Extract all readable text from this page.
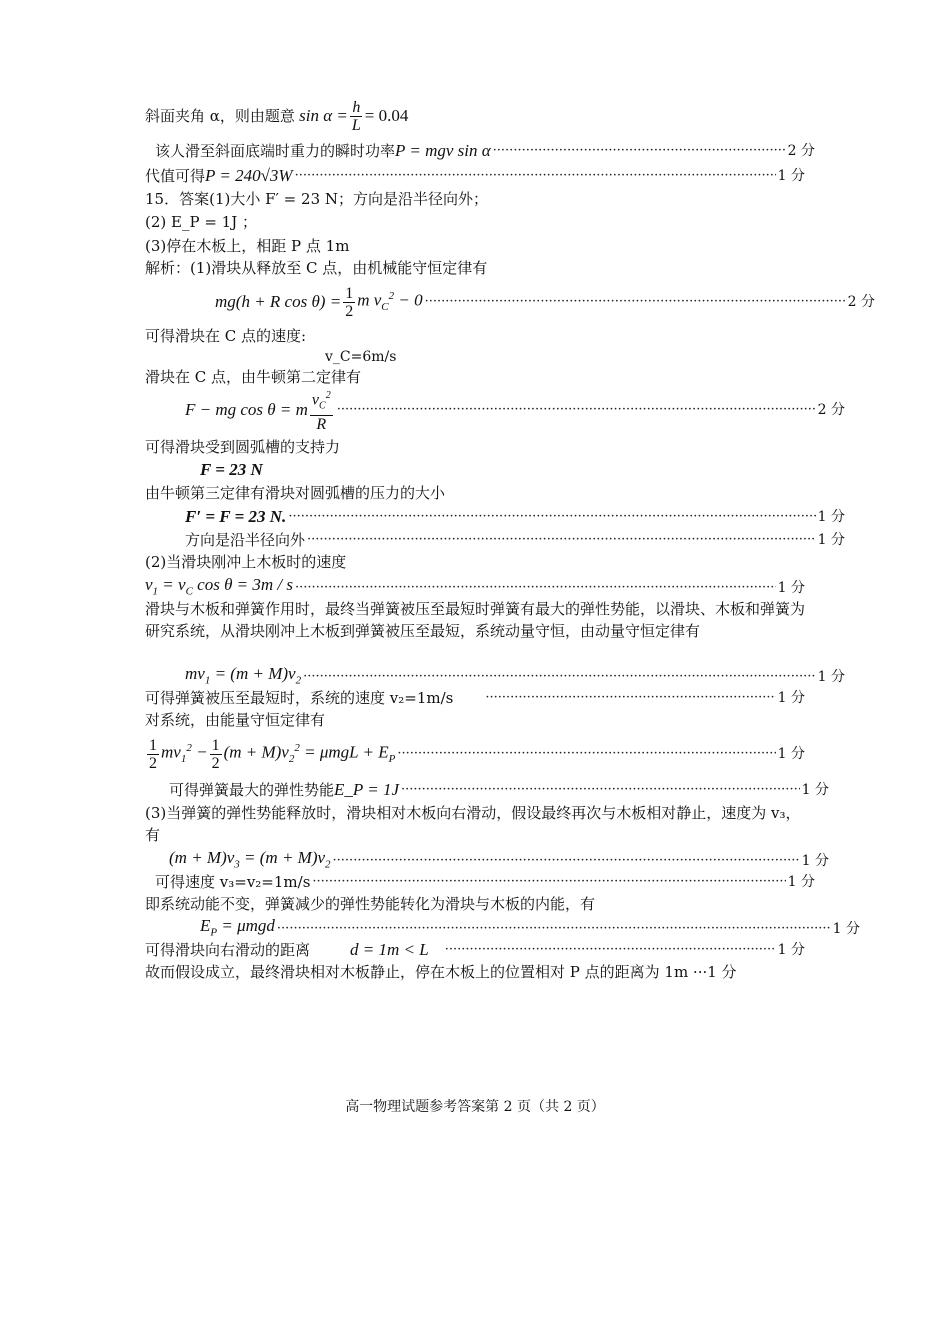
斜面夹角 α，则由题意 $\sin \alpha = \frac{h}{L} = 0.04$
该人滑至斜面底端时重力的瞬时功率 P = mgv sin α ·····	2 分
代值可得 P = 240√3W ·····	1 分
15．答案(1)大小 F′ = 23 N；方向是沿半径向外；
(2) E_P = 1J ；
(3)停在木板上，相距 P 点 1m
解析：(1)滑块从释放至 C 点，由机械能守恒定律有
mg(h + R $\cos \theta) = \frac{1}{2}$ m $v_C^2 - 0$ ·····	2 分
可得滑块在 C 点的速度:
v_C=6m/s
滑块在 C 点，由牛顿第二定律有
F − mg cos θ = m $\frac{v_C^2}{R}$ ·····	2 分
可得滑块受到圆弧槽的支持力
F = 23 N
由牛顿第三定律有滑块对圆弧槽的压力的大小
F′ = F = 23 N. ·····	1 分
方向是沿半径向外 ·····	1 分
(2)当滑块刚冲上木板时的速度
$v_1 = v_C$ cos θ = 3m / s ·····	1 分
滑块与木板和弹簧作用时，最终当弹簧被压至最短时弹簧有最大的弹性势能，以滑块、木板和弹簧为研究系统，从滑块刚冲上木板到弹簧被压至最短，系统动量守恒，由动量守恒定律有
$mv_1 = (m + M)v_2$ ·····	1 分
可得弹簧被压至最短时，系统的速度 v₂=1m/s ·····	1 分
对系统，由能量守恒定律有
$\frac{1}{2} mv_1^2 - \frac{1}{2} (m + M)v_2^2 = \mu mgL + E_P$ ·····	1 分
可得弹簧最大的弹性势能 E_P = 1J ·····	1 分
(3)当弹簧的弹性势能释放时，滑块相对木板向右滑动，假设最终再次与木板相对静止，速度为 v₃，有
$(m + M)v_3 = (m + M)v_2$ ·····	1 分
可得速度 v₃=v₂=1m/s ·····	1 分
即系统动能不变，弹簧减少的弹性势能转化为滑块与木板的内能，有
$E_P = \mu mgd$ ·····	1 分
可得滑块向右滑动的距离 d = 1m < L ·····	1 分
故而假设成立，最终滑块相对木板静止，停在木板上的位置相对 P 点的距离为 1m ···1 分
高一物理试题参考答案第 2 页（共 2 页）
